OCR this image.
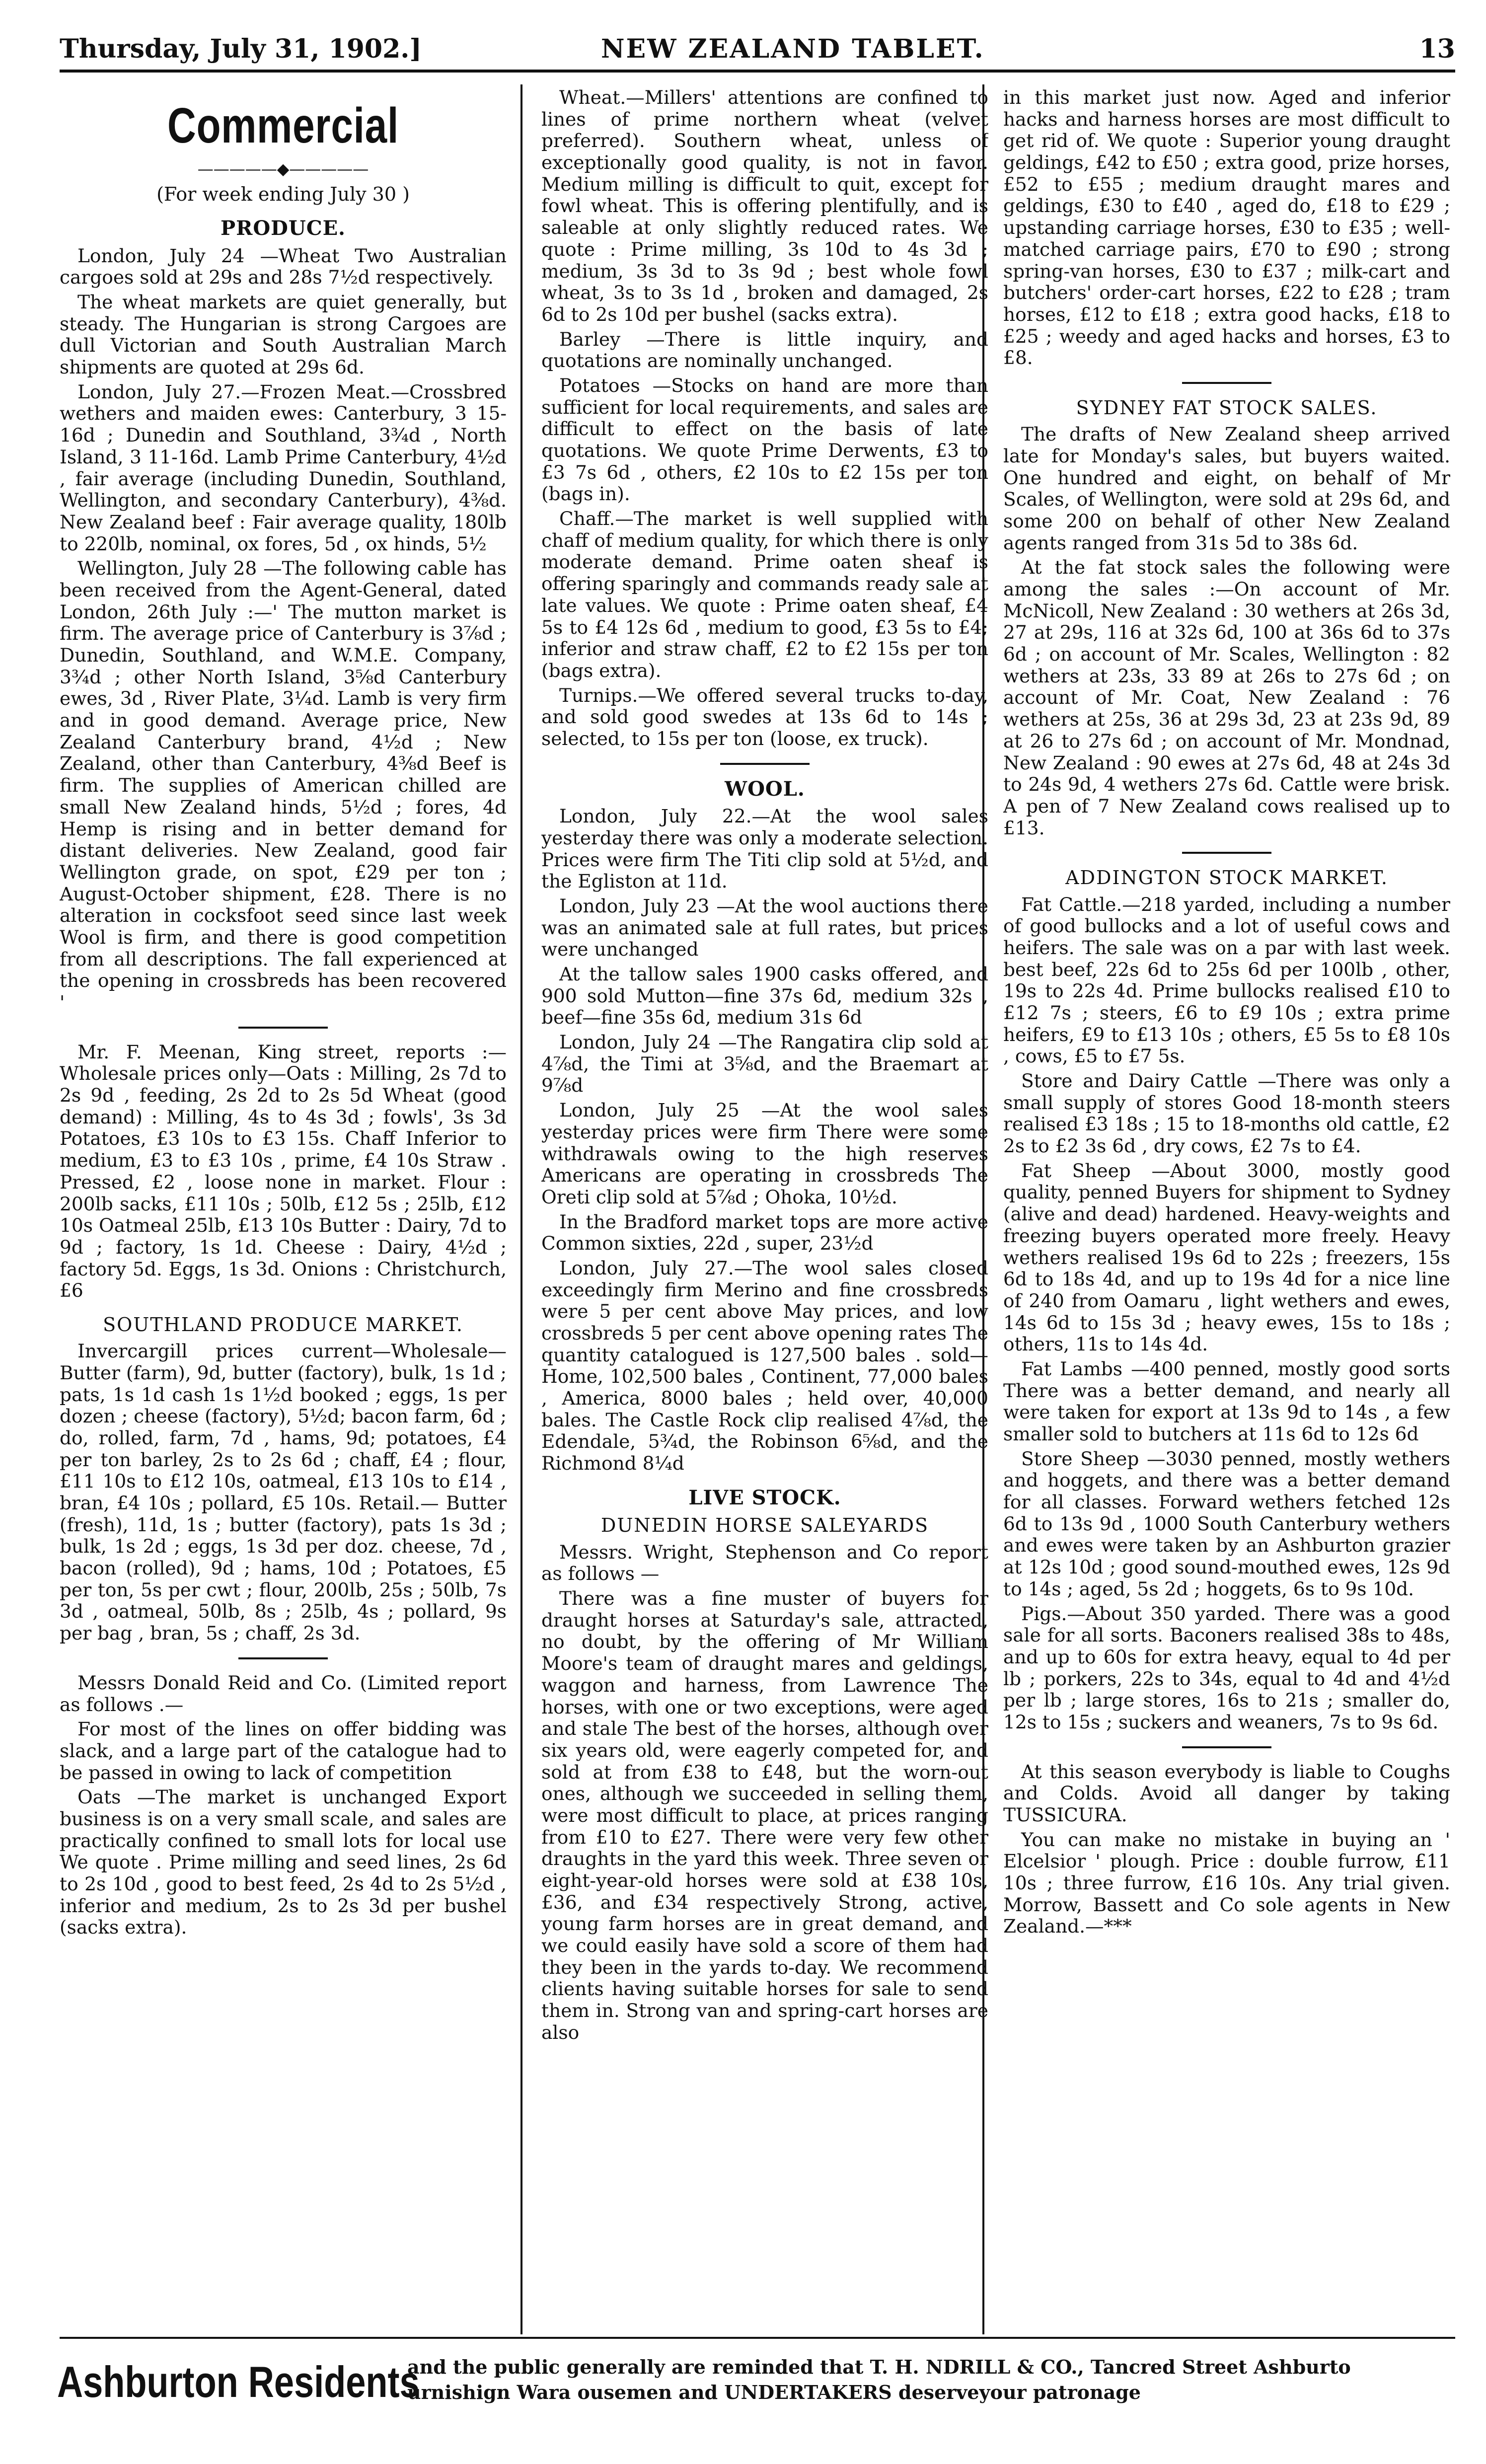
Thursday, July 31, 1902.]	NEW ZEALAND TABLET.	13
Commercial
—————◆—————
(For week ending July 30 )
PRODUCE.

London, July 24 —Wheat Two Australian cargoes sold at 29s and 28s 7½d respectively.

The wheat markets are quiet generally, but steady. The Hungarian is strong Cargoes are dull Victorian and South Australian March shipments are quoted at 29s 6d.

London, July 27.—Frozen Meat.—Crossbred wethers and maiden ewes: Canterbury, 3 15-16d ; Dunedin and Southland, 3¾d , North Island, 3 11-16d. Lamb Prime Canterbury, 4½d , fair average (including Dunedin, Southland, Wellington, and secondary Canterbury), 4⅜d. New Zealand beef : Fair average quality, 180lb to 220lb, nominal, ox fores, 5d , ox hinds, 5½

Wellington, July 28 —The following cable has been received from the Agent-General, dated London, 26th July :—' The mutton market is firm. The average price of Canterbury is 3⅞d ; Dunedin, Southland, and W.M.E. Company, 3¾d ; other North Island, 3⅝d Canterbury ewes, 3d , River Plate, 3¼d. Lamb is very firm and in good demand. Average price, New Zealand Canterbury brand, 4½d ; New Zealand, other than Canterbury, 4⅜d Beef is firm. The supplies of American chilled are small New Zealand hinds, 5½d ; fores, 4d Hemp is rising and in better demand for distant deliveries. New Zealand, good fair Wellington grade, on spot, £29 per ton ; August-October shipment, £28. There is no alteration in cocksfoot seed since last week Wool is firm, and there is good competition from all descriptions. The fall experienced at the opening in crossbreds has been recovered '

Mr. F. Meenan, King street, reports :—Wholesale prices only—Oats : Milling, 2s 7d to 2s 9d , feeding, 2s 2d to 2s 5d Wheat (good demand) : Milling, 4s to 4s 3d ; fowls', 3s 3d Potatoes, £3 10s to £3 15s. Chaff Inferior to medium, £3 to £3 10s , prime, £4 10s Straw . Pressed, £2 , loose none in market. Flour : 200lb sacks, £11 10s ; 50lb, £12 5s ; 25lb, £12 10s Oatmeal 25lb, £13 10s Butter : Dairy, 7d to 9d ; factory, 1s 1d. Cheese : Dairy, 4½d ; factory 5d. Eggs, 1s 3d. Onions : Christchurch, £6

SOUTHLAND PRODUCE MARKET.

Invercargill prices current—Wholesale—Butter (farm), 9d, butter (factory), bulk, 1s 1d ; pats, 1s 1d cash 1s 1½d booked ; eggs, 1s per dozen ; cheese (factory), 5½d; bacon farm, 6d ; do, rolled, farm, 7d , hams, 9d; potatoes, £4 per ton barley, 2s to 2s 6d ; chaff, £4 ; flour, £11 10s to £12 10s, oatmeal, £13 10s to £14 , bran, £4 10s ; pollard, £5 10s. Retail.— Butter (fresh), 11d, 1s ; butter (factory), pats 1s 3d ; bulk, 1s 2d ; eggs, 1s 3d per doz. cheese, 7d , bacon (rolled), 9d ; hams, 10d ; Potatoes, £5 per ton, 5s per cwt ; flour, 200lb, 25s ; 50lb, 7s 3d , oatmeal, 50lb, 8s ; 25lb, 4s ; pollard, 9s per bag , bran, 5s ; chaff, 2s 3d.

Messrs Donald Reid and Co. (Limited report as follows .—

For most of the lines on offer bidding was slack, and a large part of the catalogue had to be passed in owing to lack of competition

Oats —The market is unchanged Export business is on a very small scale, and sales are practically confined to small lots for local use We quote . Prime milling and seed lines, 2s 6d to 2s 10d , good to best feed, 2s 4d to 2s 5½d , inferior and medium, 2s to 2s 3d per bushel (sacks extra).

Wheat.—Millers' attentions are confined to lines of prime northern wheat (velvet preferred). Southern wheat, unless of exceptionally good quality, is not in favor. Medium milling is difficult to quit, except for fowl wheat. This is offering plentifully, and is saleable at only slightly reduced rates. We quote : Prime milling, 3s 10d to 4s 3d ; medium, 3s 3d to 3s 9d ; best whole fowl wheat, 3s to 3s 1d , broken and damaged, 2s 6d to 2s 10d per bushel (sacks extra).

Barley —There is little inquiry, and quotations are nominally unchanged.

Potatoes —Stocks on hand are more than sufficient for local requirements, and sales are difficult to effect on the basis of late quotations. We quote Prime Derwents, £3 to £3 7s 6d , others, £2 10s to £2 15s per ton (bags in).

Chaff.—The market is well supplied with chaff of medium quality, for which there is only moderate demand. Prime oaten sheaf is offering sparingly and commands ready sale at late values. We quote : Prime oaten sheaf, £4 5s to £4 12s 6d , medium to good, £3 5s to £4; inferior and straw chaff, £2 to £2 15s per ton (bags extra).

Turnips.—We offered several trucks to-day, and sold good swedes at 13s 6d to 14s ; selected, to 15s per ton (loose, ex truck).

WOOL.

London, July 22.—At the wool sales yesterday there was only a moderate selection. Prices were firm The Titi clip sold at 5½d, and the Egliston at 11d.

London, July 23 —At the wool auctions there was an animated sale at full rates, but prices were unchanged

At the tallow sales 1900 casks offered, and 900 sold Mutton—fine 37s 6d, medium 32s , beef—fine 35s 6d, medium 31s 6d

London, July 24 —The Rangatira clip sold at 4⅞d, the Timi at 3⅝d, and the Braemart at 9⅞d

London, July 25 —At the wool sales yesterday prices were firm There were some withdrawals owing to the high reserves Americans are operating in crossbreds The Oreti clip sold at 5⅞d ; Ohoka, 10½d.

In the Bradford market tops are more active Common sixties, 22d , super, 23½d

London, July 27.—The wool sales closed exceedingly firm Merino and fine crossbreds were 5 per cent above May prices, and low crossbreds 5 per cent above opening rates The quantity catalogued is 127,500 bales . sold—Home, 102,500 bales , Continent, 77,000 bales , America, 8000 bales ; held over, 40,000 bales. The Castle Rock clip realised 4⅞d, the Edendale, 5¾d, the Robinson 6⅝d, and the Richmond 8¼d

LIVE STOCK.
DUNEDIN HORSE SALEYARDS

Messrs. Wright, Stephenson and Co report as follows —

There was a fine muster of buyers for draught horses at Saturday's sale, attracted, no doubt, by the offering of Mr William Moore's team of draught mares and geldings, waggon and harness, from Lawrence The horses, with one or two exceptions, were aged and stale The best of the horses, although over six years old, were eagerly competed for, and sold at from £38 to £48, but the worn-out ones, although we succeeded in selling them, were most difficult to place, at prices ranging from £10 to £27. There were very few other draughts in the yard this week. Three seven or eight-year-old horses were sold at £38 10s, £36, and £34 respectively Strong, active, young farm horses are in great demand, and we could easily have sold a score of them had they been in the yards to-day. We recommend clients having suitable horses for sale to send them in. Strong van and spring-cart horses are also

in this market just now. Aged and inferior hacks and harness horses are most difficult to get rid of. We quote : Superior young draught geldings, £42 to £50 ; extra good, prize horses, £52 to £55 ; medium draught mares and geldings, £30 to £40 , aged do, £18 to £29 ; upstanding carriage horses, £30 to £35 ; well-matched carriage pairs, £70 to £90 ; strong spring-van horses, £30 to £37 ; milk-cart and butchers' order-cart horses, £22 to £28 ; tram horses, £12 to £18 ; extra good hacks, £18 to £25 ; weedy and aged hacks and horses, £3 to £8.

SYDNEY FAT STOCK SALES.

The drafts of New Zealand sheep arrived late for Monday's sales, but buyers waited. One hundred and eight, on behalf of Mr Scales, of Wellington, were sold at 29s 6d, and some 200 on behalf of other New Zealand agents ranged from 31s 5d to 38s 6d.

At the fat stock sales the following were among the sales :—On account of Mr. McNicoll, New Zealand : 30 wethers at 26s 3d, 27 at 29s, 116 at 32s 6d, 100 at 36s 6d to 37s 6d ; on account of Mr. Scales, Wellington : 82 wethers at 23s, 33 89 at 26s to 27s 6d ; on account of Mr. Coat, New Zealand : 76 wethers at 25s, 36 at 29s 3d, 23 at 23s 9d, 89 at 26 to 27s 6d ; on account of Mr. Mondnad, New Zealand : 90 ewes at 27s 6d, 48 at 24s 3d to 24s 9d, 4 wethers 27s 6d. Cattle were brisk. A pen of 7 New Zealand cows realised up to £13.

ADDINGTON STOCK MARKET.

Fat Cattle.—218 yarded, including a number of good bullocks and a lot of useful cows and heifers. The sale was on a par with last week. best beef, 22s 6d to 25s 6d per 100lb , other, 19s to 22s 4d. Prime bullocks realised £10 to £12 7s ; steers, £6 to £9 10s ; extra prime heifers, £9 to £13 10s ; others, £5 5s to £8 10s , cows, £5 to £7 5s.

Store and Dairy Cattle —There was only a small supply of stores Good 18-month steers realised £3 18s ; 15 to 18-months old cattle, £2 2s to £2 3s 6d , dry cows, £2 7s to £4.

Fat Sheep —About 3000, mostly good quality, penned Buyers for shipment to Sydney (alive and dead) hardened. Heavy-weights and freezing buyers operated more freely. Heavy wethers realised 19s 6d to 22s ; freezers, 15s 6d to 18s 4d, and up to 19s 4d for a nice line of 240 from Oamaru , light wethers and ewes, 14s 6d to 15s 3d ; heavy ewes, 15s to 18s ; others, 11s to 14s 4d.

Fat Lambs —400 penned, mostly good sorts There was a better demand, and nearly all were taken for export at 13s 9d to 14s , a few smaller sold to butchers at 11s 6d to 12s 6d

Store Sheep —3030 penned, mostly wethers and hoggets, and there was a better demand for all classes. Forward wethers fetched 12s 6d to 13s 9d , 1000 South Canterbury wethers and ewes were taken by an Ashburton grazier at 12s 10d ; good sound-mouthed ewes, 12s 9d to 14s ; aged, 5s 2d ; hoggets, 6s to 9s 10d.

Pigs.—About 350 yarded. There was a good sale for all sorts. Baconers realised 38s to 48s, and up to 60s for extra heavy, equal to 4d per lb ; porkers, 22s to 34s, equal to 4d and 4½d per lb ; large stores, 16s to 21s ; smaller do, 12s to 15s ; suckers and weaners, 7s to 9s 6d.

At this season everybody is liable to Coughs and Colds. Avoid all danger by taking TUSSICURA.

You can make no mistake in buying an ' Elcelsior ' plough. Price : double furrow, £11 10s ; three furrow, £16 10s. Any trial given. Morrow, Bassett and Co sole agents in New Zealand.—***

Ashburton Residents
and the public generally are reminded that T. H. NDRILL & CO., Tancred Street Ashburto urnishign Wara ousemen and UNDERTAKERS deserveyour patronage
